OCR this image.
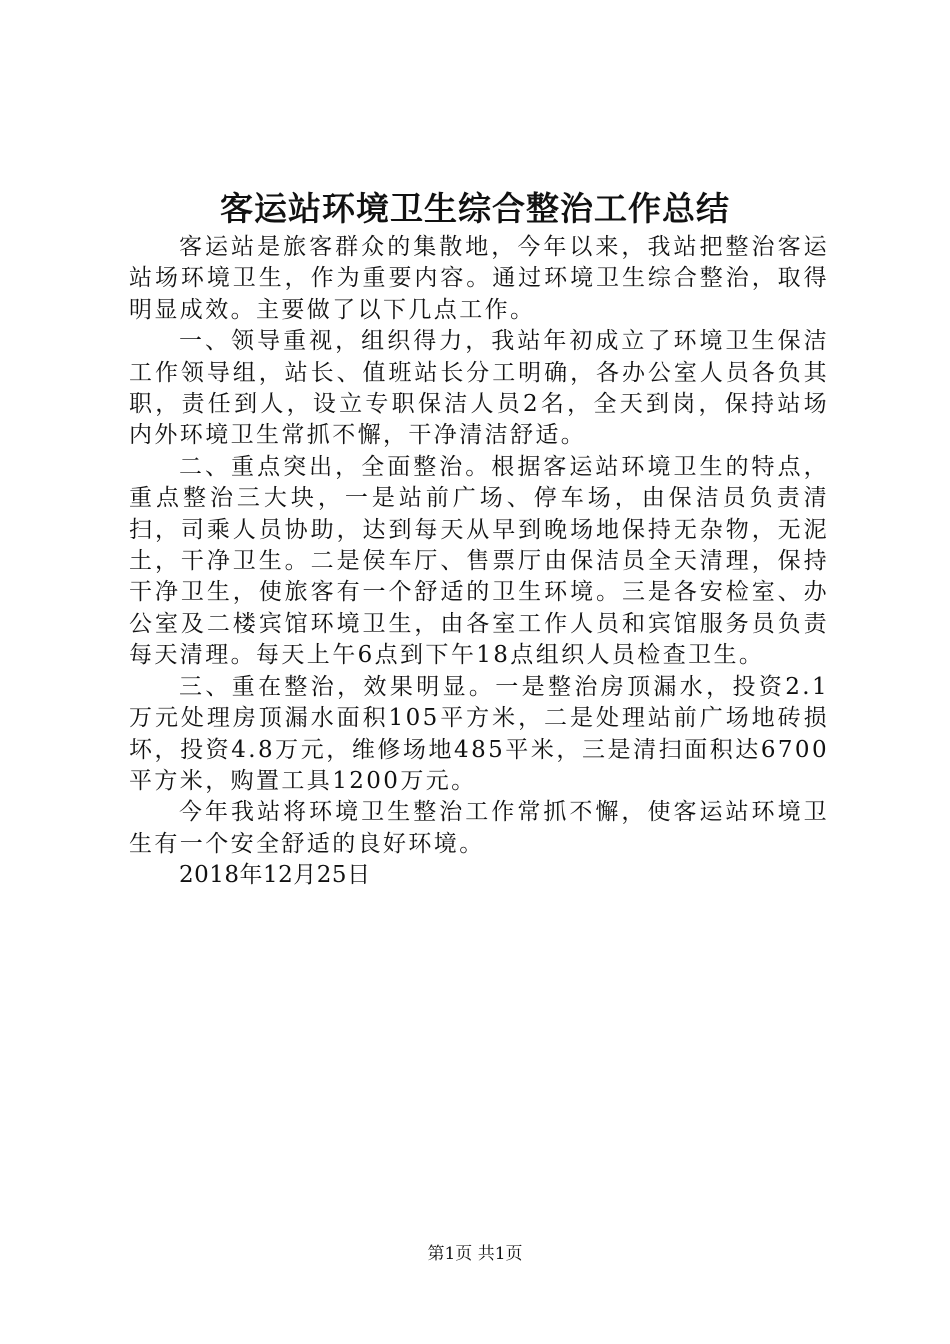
客运站环境卫生综合整治工作总结

客运站是旅客群众的集散地，今年以来，我站把整治客运站场环境卫生，作为重要内容。通过环境卫生综合整治，取得明显成效。主要做了以下几点工作。

一、领导重视，组织得力，我站年初成立了环境卫生保洁工作领导组，站长、值班站长分工明确，各办公室人员各负其职，责任到人，设立专职保洁人员2名，全天到岗，保持站场内外环境卫生常抓不懈，干净清洁舒适。

二、重点突出，全面整治。根据客运站环境卫生的特点，重点整治三大块，一是站前广场、停车场，由保洁员负责清扫，司乘人员协助，达到每天从早到晚场地保持无杂物，无泥土，干净卫生。二是侯车厅、售票厅由保洁员全天清理，保持干净卫生，使旅客有一个舒适的卫生环境。三是各安检室、办公室及二楼宾馆环境卫生，由各室工作人员和宾馆服务员负责每天清理。每天上午6点到下午18点组织人员检查卫生。

三、重在整治，效果明显。一是整治房顶漏水，投资2.1万元处理房顶漏水面积105平方米，二是处理站前广场地砖损坏，投资4.8万元，维修场地485平米，三是清扫面积达6700平方米，购置工具1200万元。

今年我站将环境卫生整治工作常抓不懈，使客运站环境卫生有一个安全舒适的良好环境。

2018年12月25日

第1页 共1页
